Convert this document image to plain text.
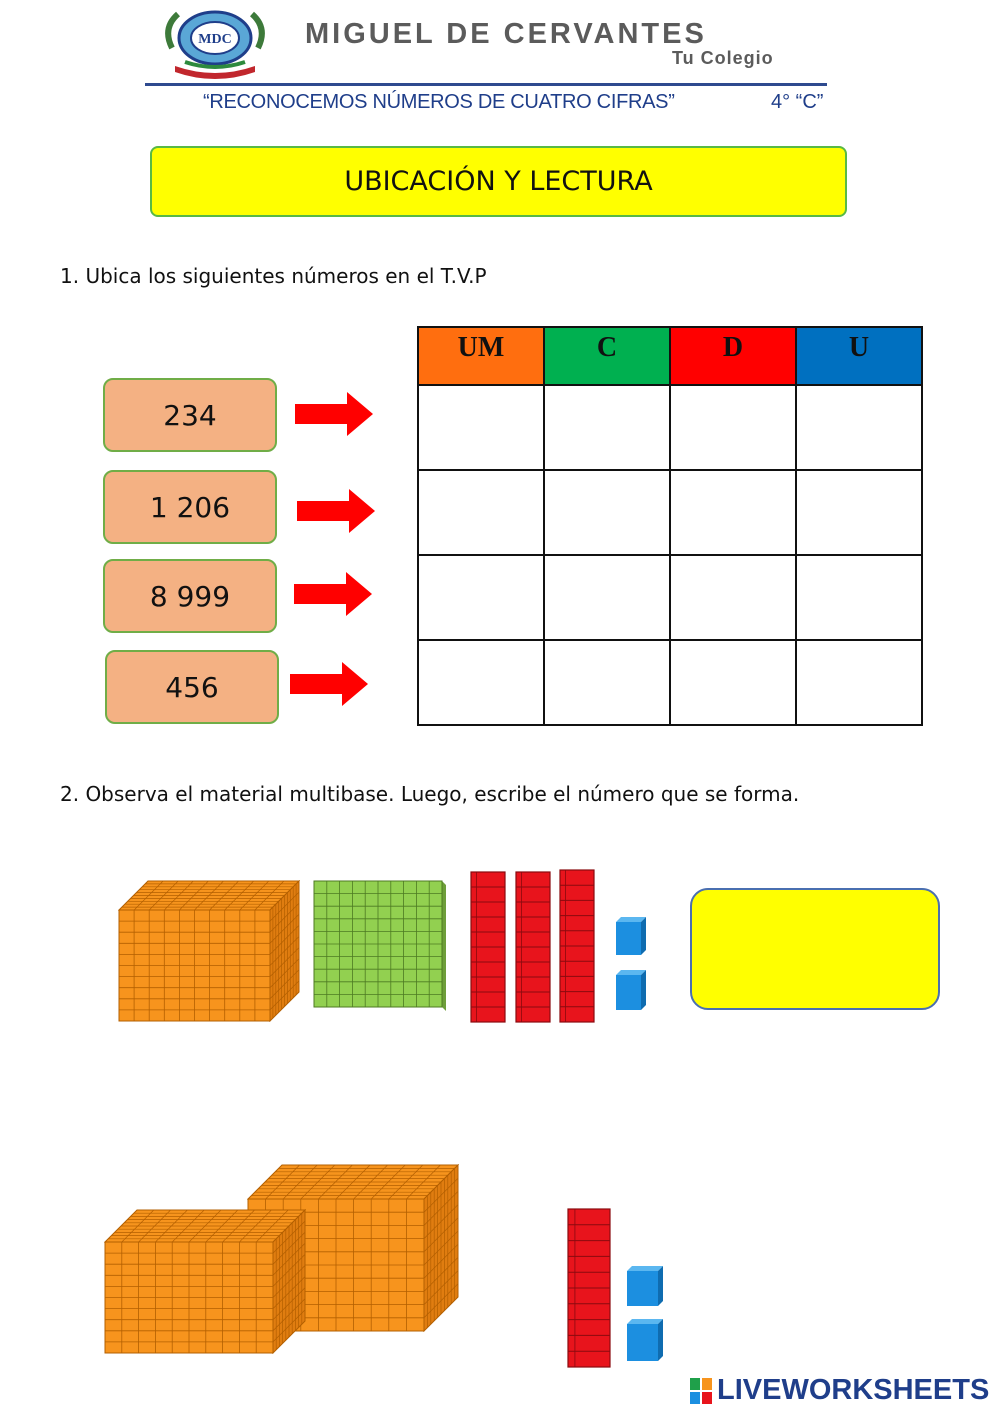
MDC	MIGUEL DE CERVANTES
Tu Colegio
“RECONOCEMOS NÚMEROS DE CUATRO CIFRAS”	4° “C”
UBICACIÓN Y LECTURA
1. Ubica los siguientes números en el T.V.P
234
1 206
8 999
456
UM	C	D	U

2. Observa el material multibase. Luego, escribe el número que se forma.
LIVEWORKSHEETS
